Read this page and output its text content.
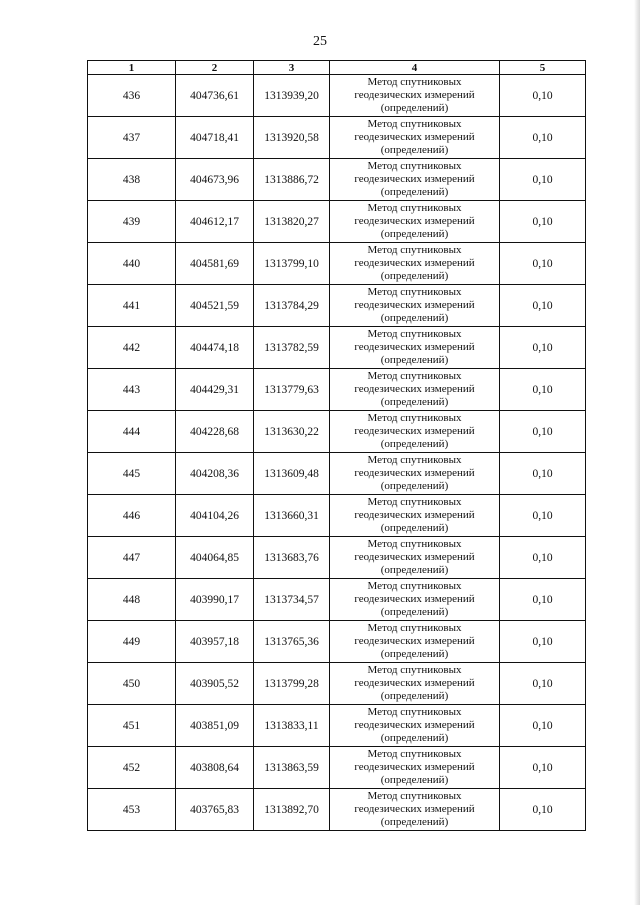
25
1	2	3	4	5
436	404736,61	1313939,20	Метод спутниковых
геодезических измерений
(определений)	0,10
437	404718,41	1313920,58	Метод спутниковых
геодезических измерений
(определений)	0,10
438	404673,96	1313886,72	Метод спутниковых
геодезических измерений
(определений)	0,10
439	404612,17	1313820,27	Метод спутниковых
геодезических измерений
(определений)	0,10
440	404581,69	1313799,10	Метод спутниковых
геодезических измерений
(определений)	0,10
441	404521,59	1313784,29	Метод спутниковых
геодезических измерений
(определений)	0,10
442	404474,18	1313782,59	Метод спутниковых
геодезических измерений
(определений)	0,10
443	404429,31	1313779,63	Метод спутниковых
геодезических измерений
(определений)	0,10
444	404228,68	1313630,22	Метод спутниковых
геодезических измерений
(определений)	0,10
445	404208,36	1313609,48	Метод спутниковых
геодезических измерений
(определений)	0,10
446	404104,26	1313660,31	Метод спутниковых
геодезических измерений
(определений)	0,10
447	404064,85	1313683,76	Метод спутниковых
геодезических измерений
(определений)	0,10
448	403990,17	1313734,57	Метод спутниковых
геодезических измерений
(определений)	0,10
449	403957,18	1313765,36	Метод спутниковых
геодезических измерений
(определений)	0,10
450	403905,52	1313799,28	Метод спутниковых
геодезических измерений
(определений)	0,10
451	403851,09	1313833,11	Метод спутниковых
геодезических измерений
(определений)	0,10
452	403808,64	1313863,59	Метод спутниковых
геодезических измерений
(определений)	0,10
453	403765,83	1313892,70	Метод спутниковых
геодезических измерений
(определений)	0,10
